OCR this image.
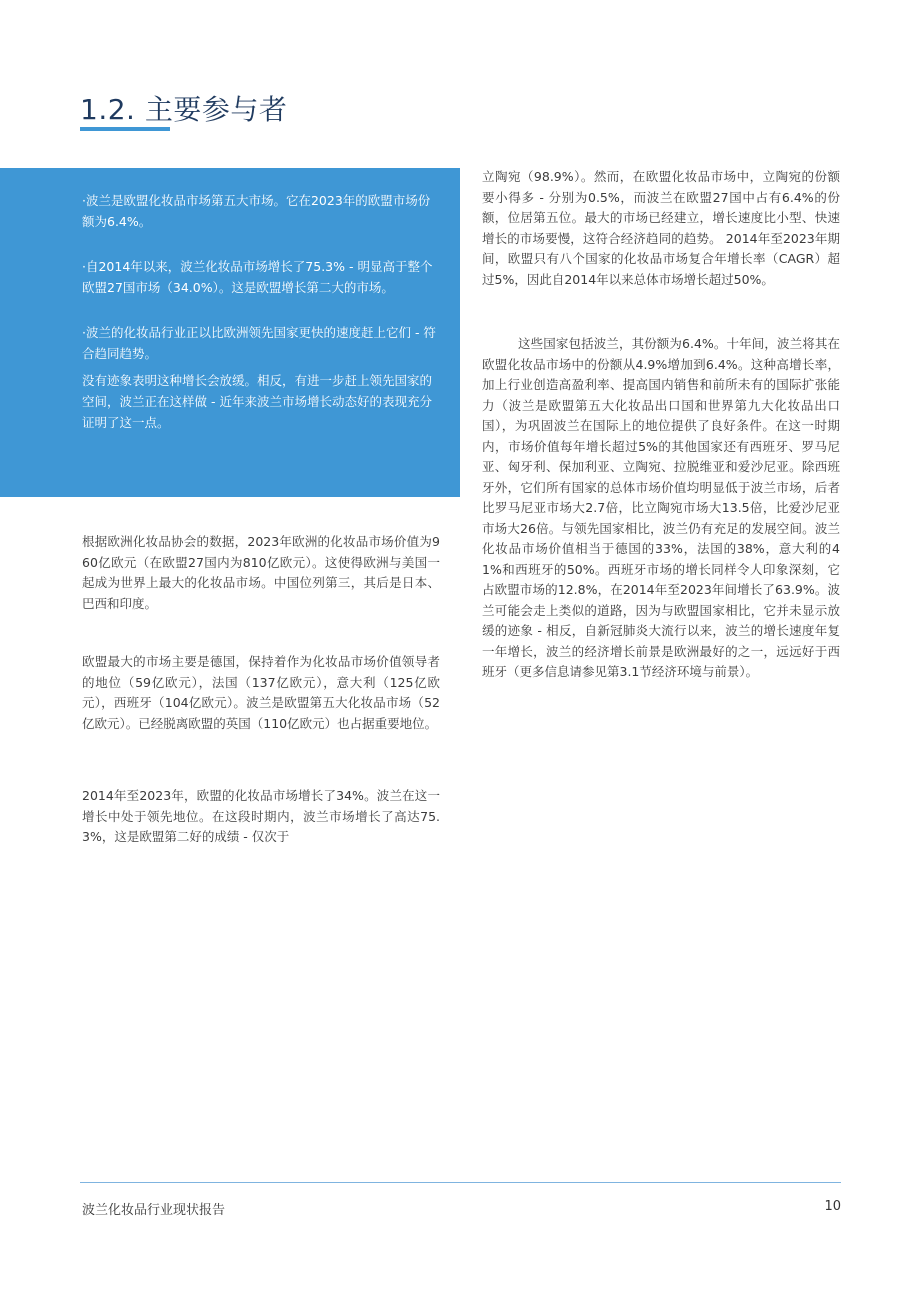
1.2. 主要参与者

·波兰是欧盟化妆品市场第五大市场。它在2023年的欧盟市场份额为6.4%。

·自2014年以来，波兰化妆品市场增长了75.3% - 明显高于整个欧盟27国市场（34.0%）。这是欧盟增长第二大的市场。

·波兰的化妆品行业正以比欧洲领先国家更快的速度赶上它们 - 符合趋同趋势。

没有迹象表明这种增长会放缓。相反，有进一步赶上领先国家的空间，波兰正在这样做 - 近年来波兰市场增长动态好的表现充分证明了这一点。

根据欧洲化妆品协会的数据，2023年欧洲的化妆品市场价值为960亿欧元（在欧盟27国内为810亿欧元）。这使得欧洲与美国一起成为世界上最大的化妆品市场。中国位列第三，其后是日本、巴西和印度。

欧盟最大的市场主要是德国，保持着作为化妆品市场价值领导者的地位（59亿欧元），法国（137亿欧元），意大利（125亿欧元），西班牙（104亿欧元）。波兰是欧盟第五大化妆品市场（52亿欧元）。已经脱离欧盟的英国（110亿欧元）也占据重要地位。

2014年至2023年，欧盟的化妆品市场增长了34%。波兰在这一增长中处于领先地位。在这段时期内，波兰市场增长了高达75.3%，这是欧盟第二好的成绩 - 仅次于

立陶宛（98.9%）。然而，在欧盟化妆品市场中，立陶宛的份额要小得多 - 分别为0.5%，而波兰在欧盟27国中占有6.4%的份额，位居第五位。最大的市场已经建立，增长速度比小型、快速增长的市场要慢，这符合经济趋同的趋势。 2014年至2023年期间，欧盟只有八个国家的化妆品市场复合年增长率（CAGR）超过5%，因此自2014年以来总体市场增长超过50%。

这些国家包括波兰，其份额为6.4%。十年间，波兰将其在欧盟化妆品市场中的份额从4.9%增加到6.4%。这种高增长率，加上行业创造高盈利率、提高国内销售和前所未有的国际扩张能力（波兰是欧盟第五大化妆品出口国和世界第九大化妆品出口国），为巩固波兰在国际上的地位提供了良好条件。在这一时期内，市场价值每年增长超过5%的其他国家还有西班牙、罗马尼亚、匈牙利、保加利亚、立陶宛、拉脱维亚和爱沙尼亚。除西班牙外，它们所有国家的总体市场价值均明显低于波兰市场，后者比罗马尼亚市场大2.7倍，比立陶宛市场大13.5倍，比爱沙尼亚市场大26倍。与领先国家相比，波兰仍有充足的发展空间。波兰化妆品市场价值相当于德国的33%，法国的38%，意大利的41%和西班牙的50%。西班牙市场的增长同样令人印象深刻，它占欧盟市场的12.8%，在2014年至2023年间增长了63.9%。波兰可能会走上类似的道路，因为与欧盟国家相比，它并未显示放缓的迹象 - 相反，自新冠肺炎大流行以来，波兰的增长速度年复一年增长，波兰的经济增长前景是欧洲最好的之一，远远好于西班牙（更多信息请参见第3.1节经济环境与前景）。

波兰化妆品行业现状报告	10
